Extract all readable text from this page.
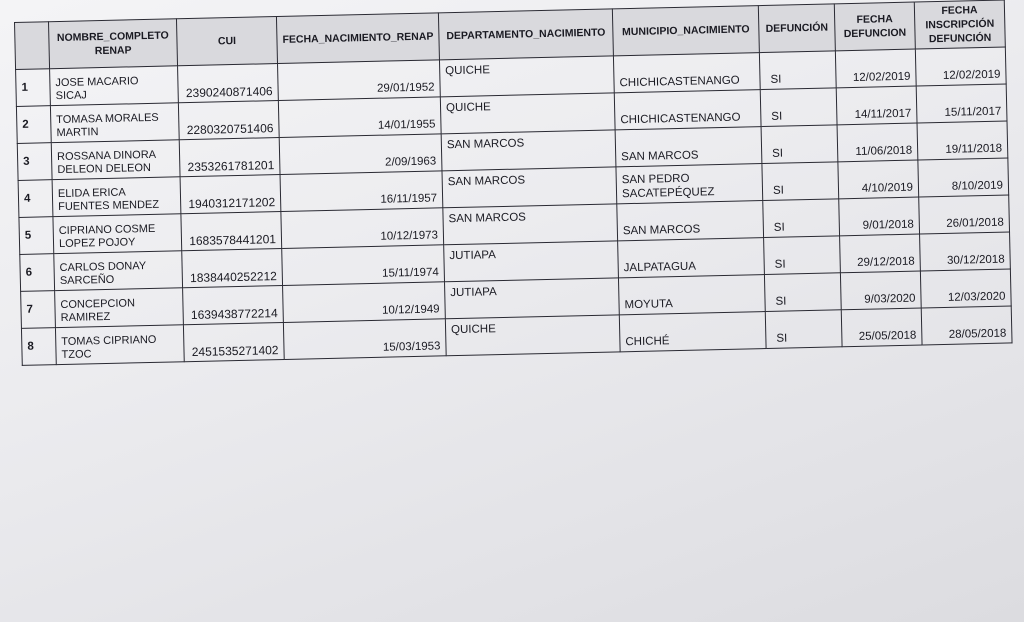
	NOMBRE_COMPLETO RENAP	CUI	FECHA_NACIMIENTO_RENAP	DEPARTAMENTO_NACIMIENTO	MUNICIPIO_NACIMIENTO	DEFUNCIÓN	FECHA DEFUNCION	FECHA INSCRIPCIÓN DEFUNCIÓN
1	JOSE MACARIO SICAJ	2390240871406	29/01/1952	QUICHE	CHICHICASTENANGO	SI	12/02/2019	12/02/2019
2	TOMASA MORALES MARTIN	2280320751406	14/01/1955	QUICHE	CHICHICASTENANGO	SI	14/11/2017	15/11/2017
3	ROSSANA DINORA DELEON DELEON	2353261781201	2/09/1963	SAN MARCOS	SAN MARCOS	SI	11/06/2018	19/11/2018
4	ELIDA ERICA FUENTES MENDEZ	1940312171202	16/11/1957	SAN MARCOS	SAN PEDRO SACATEPÉQUEZ	SI	4/10/2019	8/10/2019
5	CIPRIANO COSME LOPEZ POJOY	1683578441201	10/12/1973	SAN MARCOS	SAN MARCOS	SI	9/01/2018	26/01/2018
6	CARLOS DONAY SARCEÑO	1838440252212	15/11/1974	JUTIAPA	JALPATAGUA	SI	29/12/2018	30/12/2018
7	CONCEPCION RAMIREZ	1639438772214	10/12/1949	JUTIAPA	MOYUTA	SI	9/03/2020	12/03/2020
8	TOMAS CIPRIANO TZOC	2451535271402	15/03/1953	QUICHE	CHICHÉ	SI	25/05/2018	28/05/2018
